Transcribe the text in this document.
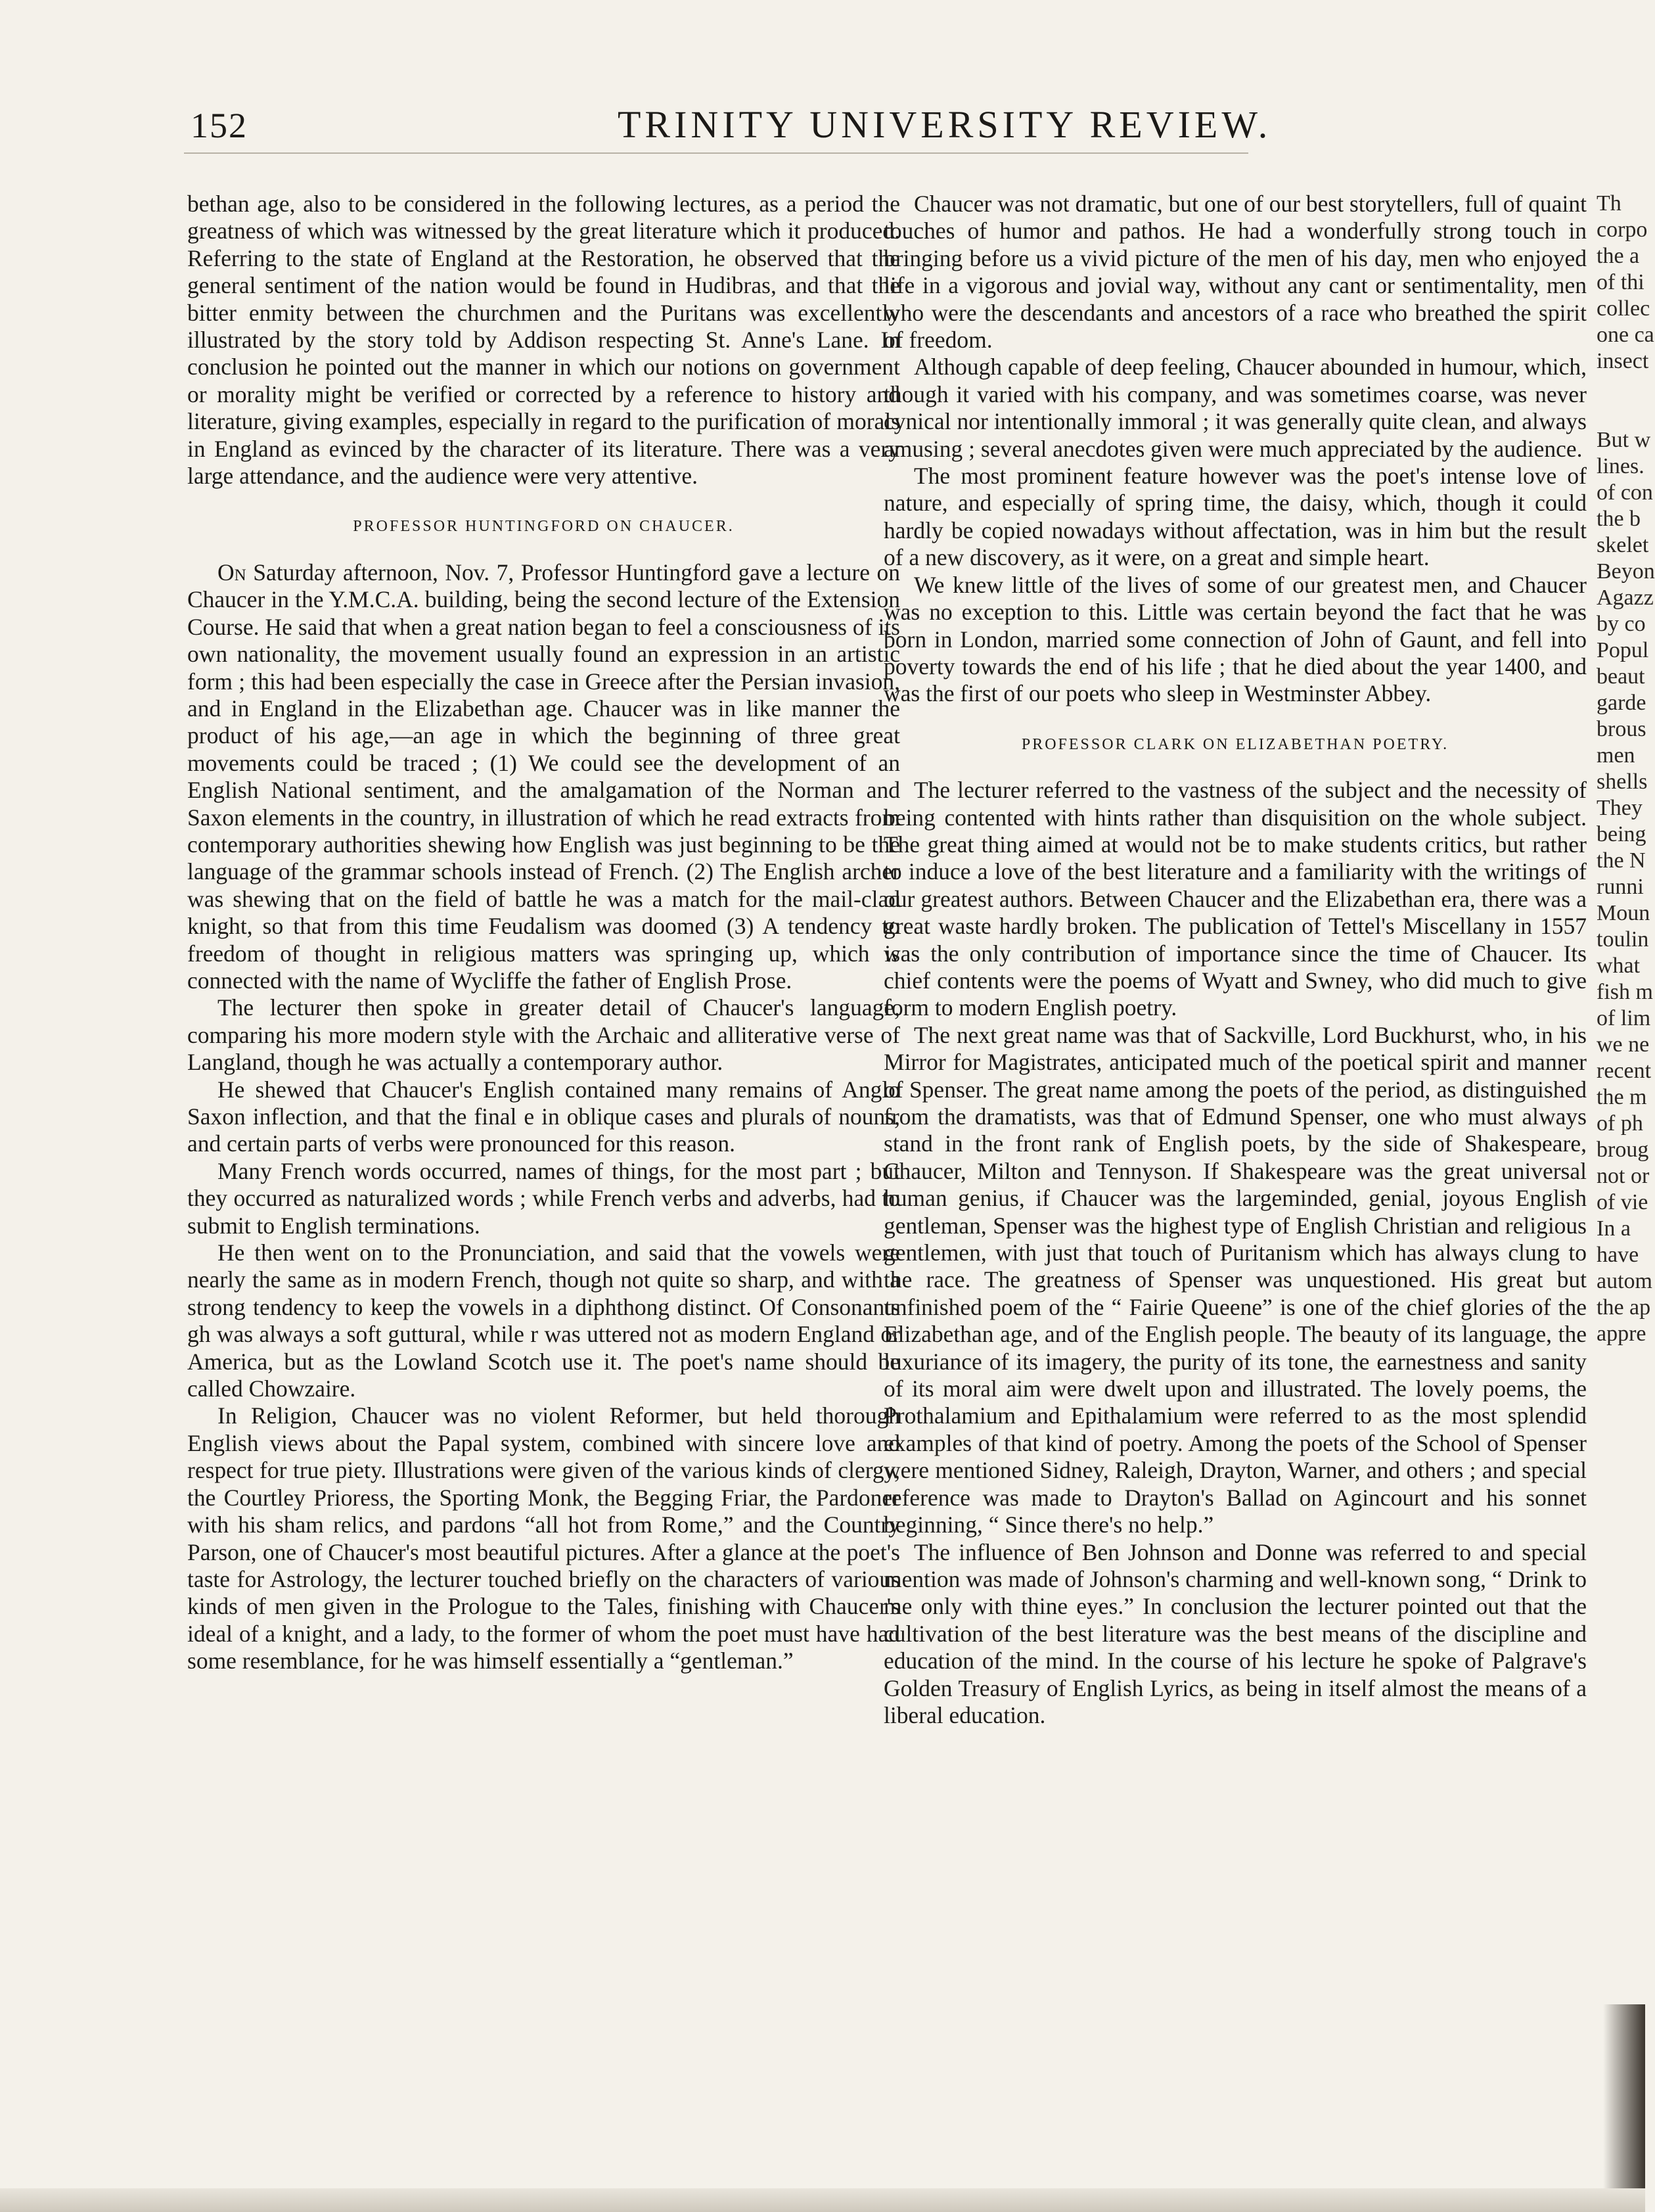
152	TRINITY UNIVERSITY REVIEW.

bethan age, also to be considered in the following lectures, as a period the greatness of which was witnessed by the great literature which it produced. Referring to the state of England at the Restoration, he observed that the general sentiment of the nation would be found in Hudibras, and that the bitter enmity between the churchmen and the Puritans was excellently illustrated by the story told by Addison respecting St. Anne's Lane. In conclusion he pointed out the manner in which our notions on government or morality might be verified or corrected by a reference to history and literature, giving examples, especially in regard to the purification of morals in England as evinced by the character of its literature. There was a very large attendance, and the audience were very attentive.

PROFESSOR HUNTINGFORD ON CHAUCER.

On Saturday afternoon, Nov. 7, Professor Huntingford gave a lecture on Chaucer in the Y.M.C.A. building, being the second lecture of the Extension Course. He said that when a great nation began to feel a consciousness of its own nationality, the movement usually found an expression in an artistic form ; this had been especially the case in Greece after the Persian invasion, and in England in the Elizabethan age. Chaucer was in like manner the product of his age,—an age in which the beginning of three great movements could be traced ; (1) We could see the development of an English National sentiment, and the amalgamation of the Norman and Saxon elements in the country, in illustration of which he read extracts from contemporary authorities shewing how English was just beginning to be the language of the grammar schools instead of French. (2) The English archer was shewing that on the field of battle he was a match for the mail-clad knight, so that from this time Feudalism was doomed (3) A tendency to freedom of thought in religious matters was springing up, which is connected with the name of Wycliffe the father of English Prose.

The lecturer then spoke in greater detail of Chaucer's language, comparing his more modern style with the Archaic and alliterative verse of Langland, though he was actually a contemporary author.

He shewed that Chaucer's English contained many remains of Anglo Saxon inflection, and that the final e in oblique cases and plurals of nouns, and certain parts of verbs were pronounced for this reason.

Many French words occurred, names of things, for the most part ; but they occurred as naturalized words ; while French verbs and adverbs, had to submit to English terminations.

He then went on to the Pronunciation, and said that the vowels were nearly the same as in modern French, though not quite so sharp, and with a strong tendency to keep the vowels in a diphthong distinct. Of Consonants gh was always a soft guttural, while r was uttered not as modern England or America, but as the Lowland Scotch use it. The poet's name should be called Chowzaire.

In Religion, Chaucer was no violent Reformer, but held thorough English views about the Papal system, combined with sincere love and respect for true piety. Illustrations were given of the various kinds of clergy, the Courtley Prioress, the Sporting Monk, the Begging Friar, the Pardoner with his sham relics, and pardons “all hot from Rome,” and the Country Parson, one of Chaucer's most beautiful pictures. After a glance at the poet's taste for Astrology, the lecturer touched briefly on the characters of various kinds of men given in the Prologue to the Tales, finishing with Chaucer's ideal of a knight, and a lady, to the former of whom the poet must have had some resemblance, for he was himself essentially a “gentleman.”

Chaucer was not dramatic, but one of our best storytellers, full of quaint touches of humor and pathos. He had a wonderfully strong touch in bringing before us a vivid picture of the men of his day, men who enjoyed life in a vigorous and jovial way, without any cant or sentimentality, men who were the descendants and ancestors of a race who breathed the spirit of freedom.

Although capable of deep feeling, Chaucer abounded in humour, which, though it varied with his company, and was sometimes coarse, was never cynical nor intentionally immoral ; it was generally quite clean, and always amusing ; several anecdotes given were much appreciated by the audience.

The most prominent feature however was the poet's intense love of nature, and especially of spring time, the daisy, which, though it could hardly be copied nowadays without affectation, was in him but the result of a new discovery, as it were, on a great and simple heart.

We knew little of the lives of some of our greatest men, and Chaucer was no exception to this. Little was certain beyond the fact that he was born in London, married some connection of John of Gaunt, and fell into poverty towards the end of his life ; that he died about the year 1400, and was the first of our poets who sleep in Westminster Abbey.

PROFESSOR CLARK ON ELIZABETHAN POETRY.

The lecturer referred to the vastness of the subject and the necessity of being contented with hints rather than disquisition on the whole subject. The great thing aimed at would not be to make students critics, but rather to induce a love of the best literature and a familiarity with the writings of our greatest authors. Between Chaucer and the Elizabethan era, there was a great waste hardly broken. The publication of Tettel's Miscellany in 1557 was the only contribution of importance since the time of Chaucer. Its chief contents were the poems of Wyatt and Swney, who did much to give form to modern English poetry.

The next great name was that of Sackville, Lord Buckhurst, who, in his Mirror for Magistrates, anticipated much of the poetical spirit and manner of Spenser. The great name among the poets of the period, as distinguished from the dramatists, was that of Edmund Spenser, one who must always stand in the front rank of English poets, by the side of Shakespeare, Chaucer, Milton and Tennyson. If Shakespeare was the great universal human genius, if Chaucer was the largeminded, genial, joyous English gentleman, Spenser was the highest type of English Christian and religious gentlemen, with just that touch of Puritanism which has always clung to the race. The greatness of Spenser was unquestioned. His great but unfinished poem of the “ Fairie Queene” is one of the chief glories of the Elizabethan age, and of the English people. The beauty of its language, the luxuriance of its imagery, the purity of its tone, the earnestness and sanity of its moral aim were dwelt upon and illustrated. The lovely poems, the Prothalamium and Epithalamium were referred to as the most splendid examples of that kind of poetry. Among the poets of the School of Spenser were mentioned Sidney, Raleigh, Drayton, Warner, and others ; and special reference was made to Drayton's Ballad on Agincourt and his sonnet beginning, “ Since there's no help.”

The influence of Ben Johnson and Donne was referred to and special mention was made of Johnson's charming and well-known song, “ Drink to me only with thine eyes.” In conclusion the lecturer pointed out that the cultivation of the best literature was the best means of the discipline and education of the mind. In the course of his lecture he spoke of Palgrave's Golden Treasury of English Lyrics, as being in itself almost the means of a liberal education.

Th
corpo
the a
of thi
collec
one ca
insect

But w
lines.
of con
the b
skelet
Beyon
Agazz
by co
Popul
beaut
garde
brous
men
shells
They
being
the N
runni
Moun
toulin
what
fish m
of lim
we ne
recent
the m
of ph
broug
not or
of vie
In a
have
autom
the ap
appre
